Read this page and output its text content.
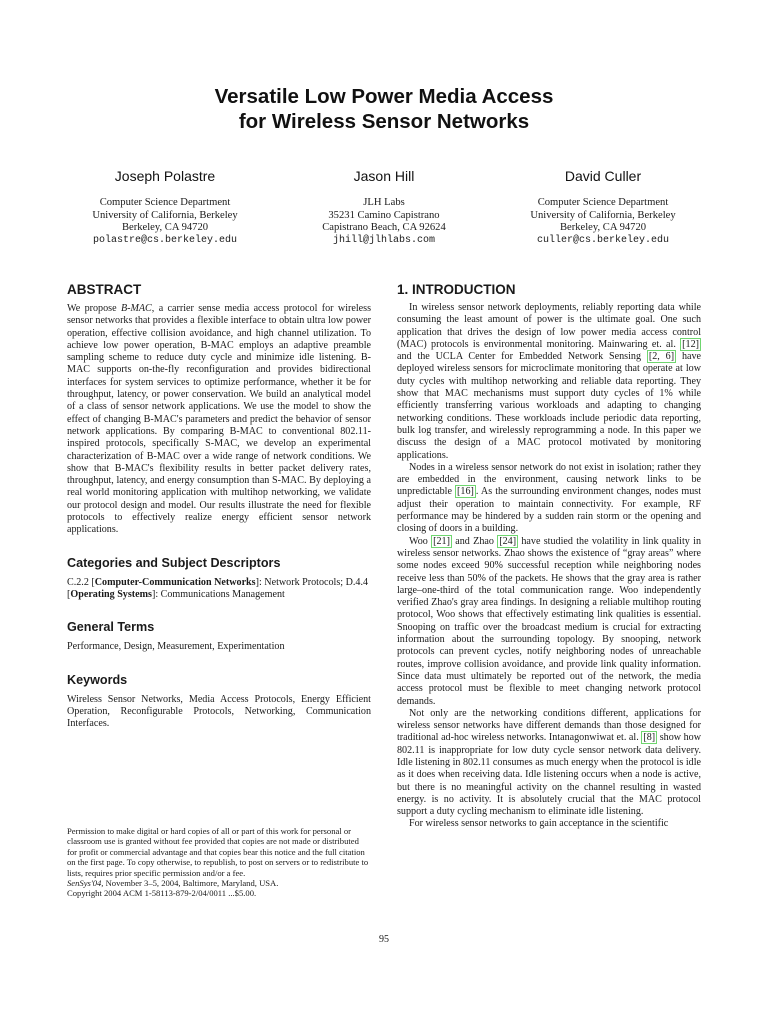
Versatile Low Power Media Access
for Wireless Sensor Networks
Joseph Polastre
Computer Science Department
University of California, Berkeley
Berkeley, CA 94720
polastre@cs.berkeley.edu
Jason Hill
JLH Labs
35231 Camino Capistrano
Capistrano Beach, CA 92624
jhill@jlhlabs.com
David Culler
Computer Science Department
University of California, Berkeley
Berkeley, CA 94720
culler@cs.berkeley.edu
ABSTRACT

We propose B-MAC, a carrier sense media access protocol for wireless sensor networks that provides a flexible interface to obtain ultra low power operation, effective collision avoidance, and high channel utilization. To achieve low power operation, B-MAC employs an adaptive preamble sampling scheme to reduce duty cycle and minimize idle listening. B-MAC supports on-the-fly reconfiguration and provides bidirectional interfaces for system services to optimize performance, whether it be for throughput, latency, or power conservation. We build an analytical model of a class of sensor network applications. We use the model to show the effect of changing B-MAC's parameters and predict the behavior of sensor network applications. By comparing B-MAC to conventional 802.11-inspired protocols, specifically S-MAC, we develop an experimental characterization of B-MAC over a wide range of network conditions. We show that B-MAC's flexibility results in better packet delivery rates, throughput, latency, and energy consumption than S-MAC. By deploying a real world monitoring application with multihop networking, we validate our protocol design and model. Our results illustrate the need for flexible protocols to effectively realize energy efficient sensor network applications.

Categories and Subject Descriptors

C.2.2 [Computer-Communication Networks]: Network Protocols; D.4.4 [Operating Systems]: Communications Management

General Terms

Performance, Design, Measurement, Experimentation

Keywords

Wireless Sensor Networks, Media Access Protocols, Energy Efficient Operation, Reconfigurable Protocols, Networking, Communication Interfaces.

Permission to make digital or hard copies of all or part of this work for personal or classroom use is granted without fee provided that copies are not made or distributed for profit or commercial advantage and that copies bear this notice and the full citation on the first page. To copy otherwise, to republish, to post on servers or to redistribute to lists, requires prior specific permission and/or a fee.

SenSys'04, November 3–5, 2004, Baltimore, Maryland, USA.

Copyright 2004 ACM 1-58113-879-2/04/0011 ...$5.00.

1. INTRODUCTION

In wireless sensor network deployments, reliably reporting data while consuming the least amount of power is the ultimate goal. One such application that drives the design of low power media access control (MAC) protocols is environmental monitoring. Mainwaring et. al. [12] and the UCLA Center for Embedded Network Sensing [2, 6] have deployed wireless sensors for microclimate monitoring that operate at low duty cycles with multihop networking and reliable data reporting. They show that MAC mechanisms must support duty cycles of 1% while efficiently transferring various workloads and adapting to changing networking conditions. These workloads include periodic data reporting, bulk log transfer, and wirelessly reprogramming a node. In this paper we discuss the design of a MAC protocol motivated by monitoring applications.

Nodes in a wireless sensor network do not exist in isolation; rather they are embedded in the environment, causing network links to be unpredictable [16] . As the surrounding environment changes, nodes must adjust their operation to maintain connectivity. For example, RF performance may be hindered by a sudden rain storm or the opening and closing of doors in a building.

Woo [21] and Zhao [24] have studied the volatility in link quality in wireless sensor networks. Zhao shows the existence of “gray areas” where some nodes exceed 90% successful reception while neighboring nodes receive less than 50% of the packets. He shows that the gray area is rather large–one-third of the total communication range. Woo independently verified Zhao's gray area findings. In designing a reliable multihop routing protocol, Woo shows that effectively estimating link qualities is essential. Snooping on traffic over the broadcast medium is crucial for extracting information about the surrounding topology. By snooping, network protocols can prevent cycles, notify neighboring nodes of unreachable routes, improve collision avoidance, and provide link quality information. Since data must ultimately be reported out of the network, the media access protocol must be flexible to meet changing network protocol demands.

Not only are the networking conditions different, applications for wireless sensor networks have different demands than those designed for traditional ad-hoc wireless networks. Intanagonwiwat et. al. [8] show how 802.11 is inappropriate for low duty cycle sensor network data delivery. Idle listening in 802.11 consumes as much energy when the protocol is idle as it does when receiving data. Idle listening occurs when a node is active, but there is no meaningful activity on the channel resulting in wasted energy. is no activity. It is absolutely crucial that the MAC protocol support a duty cycling mechanism to eliminate idle listening.

For wireless sensor networks to gain acceptance in the scientific

95
